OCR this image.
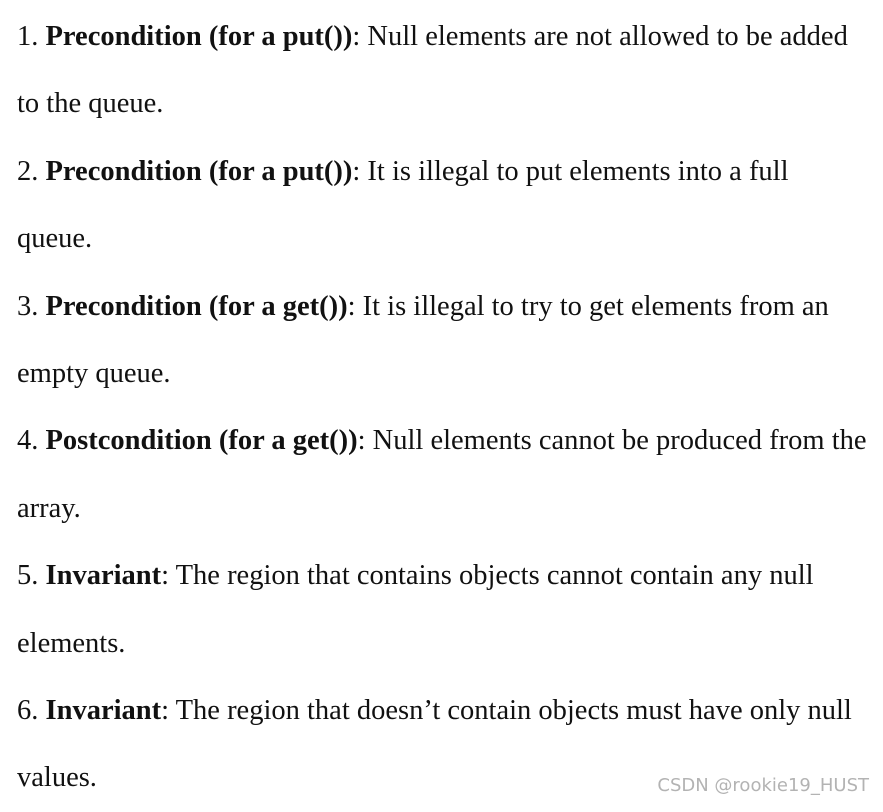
1. Precondition (for a put()): Null elements are not allowed to be added to the queue.

2. Precondition (for a put()): It is illegal to put elements into a full queue.

3. Precondition (for a get()): It is illegal to try to get elements from an empty queue.

4. Postcondition (for a get()): Null elements cannot be produced from the array.

5. Invariant: The region that contains objects cannot contain any null elements.

6. Invariant: The region that doesn’t contain objects must have only null values.	CSDN @rookie19_HUST
